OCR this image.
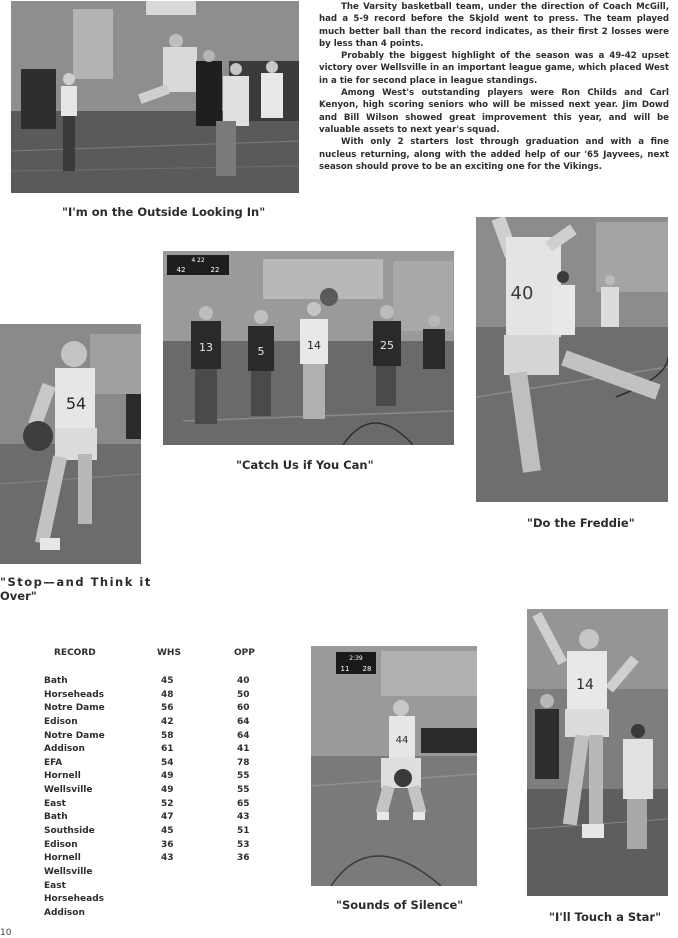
The Varsity basketball team, under the direction of Coach McGill, had a 5-9 record before the Skjold went to press. The team played much better ball than the record indicates, as their first 2 losses were by less than 4 points.

Probably the biggest highlight of the season was a 49-42 upset victory over Wellsville in an important league game, which placed West in a tie for second place in league standings.

Among West's outstanding players were Ron Childs and Carl Kenyon, high scoring seniors who will be missed next year. Jim Dowd and Bill Wilson showed great improvement this year, and will be valuable assets to next year's squad.

With only 2 starters lost through graduation and with a fine nucleus returning, along with the added help of our '65 Jayvees, next season should prove to be an exciting one for the Vikings.

"I'm on the Outside Looking In"
4 22
42	22
13	5	14	25
"Catch Us if You Can"
40
"Do the Freddie"
54
"Stop—and Think it
Over"
RECORD	WHS	OPP
Bath	45	40
Horseheads	48	50
Notre Dame	56	60
Edison	42	64
Notre Dame	58	64
Addison	61	41
EFA	54	78
Hornell	49	55
Wellsville	49	55
East	52	65
Bath	47	43
Southside	45	51
Edison	36	53
Hornell	43	36
Wellsville
East
Horseheads
Addison
2:39
11 28
44
"Sounds of Silence"
14
"I'll Touch a Star"
10
